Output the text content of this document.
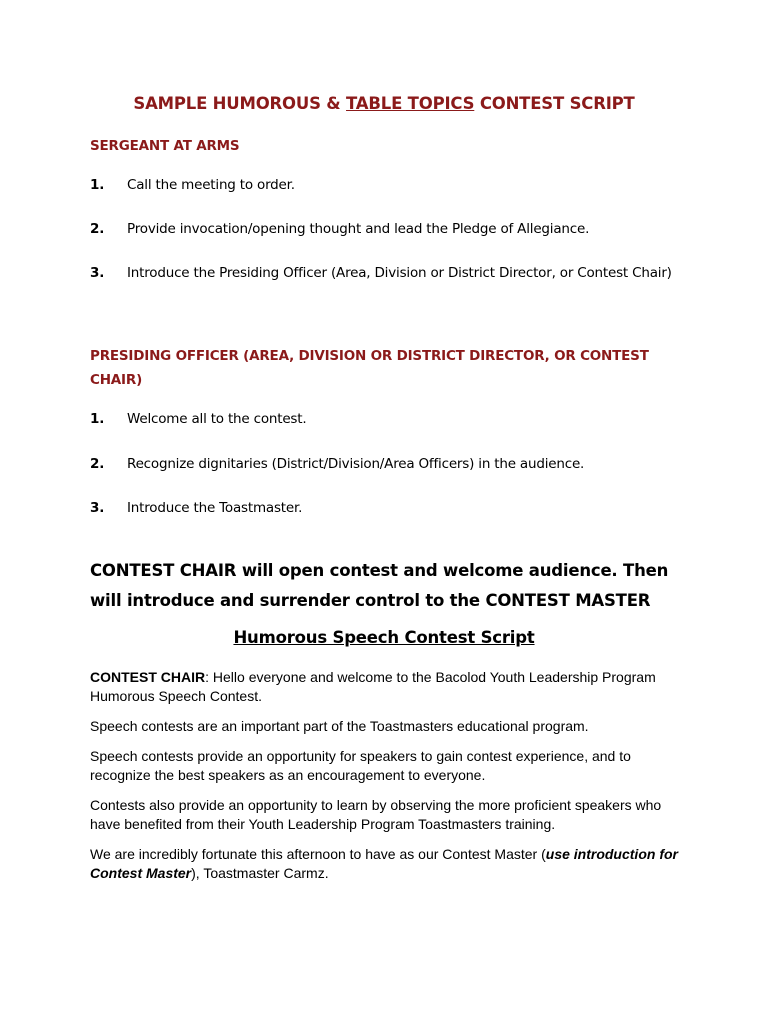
SAMPLE HUMOROUS & TABLE TOPICS CONTEST SCRIPT
SERGEANT AT ARMS
1. Call the meeting to order.
2. Provide invocation/opening thought and lead the Pledge of Allegiance.
3. Introduce the Presiding Officer (Area, Division or District Director, or Contest Chair)
PRESIDING OFFICER (AREA, DIVISION OR DISTRICT DIRECTOR, OR CONTEST CHAIR)
1. Welcome all to the contest.
2. Recognize dignitaries (District/Division/Area Officers) in the audience.
3. Introduce the Toastmaster.
CONTEST CHAIR will open contest and welcome audience. Then will introduce and surrender control to the CONTEST MASTER
Humorous Speech Contest Script
CONTEST CHAIR: Hello everyone and welcome to the Bacolod Youth Leadership Program Humorous Speech Contest.
Speech contests are an important part of the Toastmasters educational program.
Speech contests provide an opportunity for speakers to gain contest experience, and to recognize the best speakers as an encouragement to everyone.
Contests also provide an opportunity to learn by observing the more proficient speakers who have benefited from their Youth Leadership Program Toastmasters training.
We are incredibly fortunate this afternoon to have as our Contest Master (use introduction for Contest Master), Toastmaster Carmz.
